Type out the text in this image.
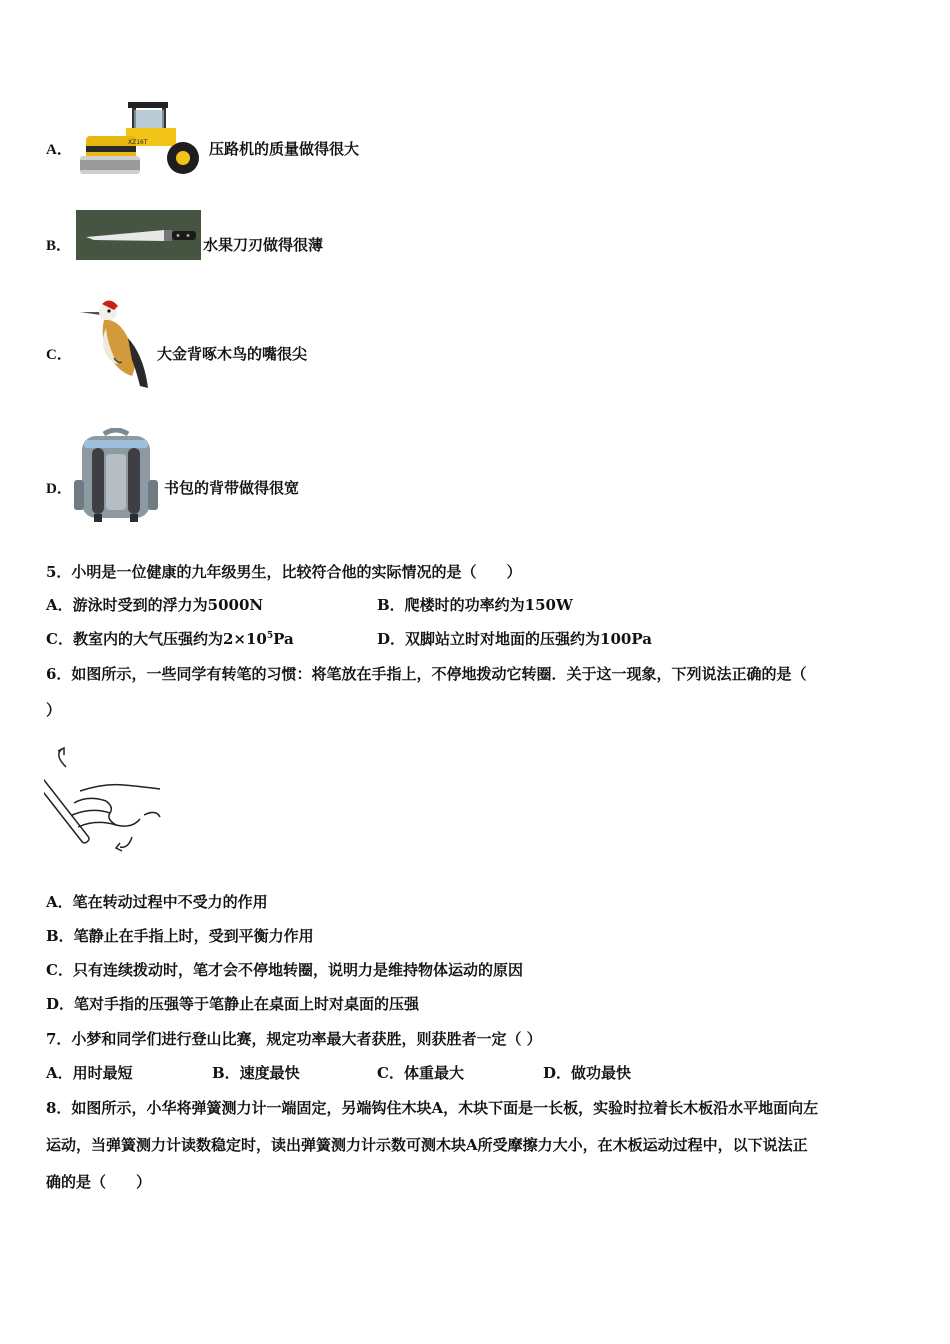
A．	XZ16T	压路机的质量做得很大
B．	水果刀刃做得很薄
C．	大金背啄木鸟的嘴很尖
D．	书包的背带做得很宽
5．小明是一位健康的九年级男生，比较符合他的实际情况的是（　　）
A．游泳时受到的浮力为5000N	B．爬楼时的功率约为150W
C．教室内的大气压强约为$2\times 10^5Pa$	D．双脚站立时对地面的压强约为100Pa
6．如图所示，一些同学有转笔的习惯：将笔放在手指上，不停地拨动它转圈．关于这一现象，下列说法正确的是（
）
A．笔在转动过程中不受力的作用
B．笔静止在手指上时，受到平衡力作用
C．只有连续拨动时，笔才会不停地转圈，说明力是维持物体运动的原因
D．笔对手指的压强等于笔静止在桌面上时对桌面的压强
7．小梦和同学们进行登山比赛，规定功率最大者获胜，则获胜者一定（ ）
A．用时最短	B．速度最快	C．体重最大	D．做功最快
8．如图所示，小华将弹簧测力计一端固定，另端钩住木块A，木块下面是一长板，实验时拉着长木板沿水平地面向左
运动，当弹簧测力计读数稳定时，读出弹簧测力计示数可测木块A所受摩擦力大小，在木板运动过程中，以下说法正
确的是（　　）
